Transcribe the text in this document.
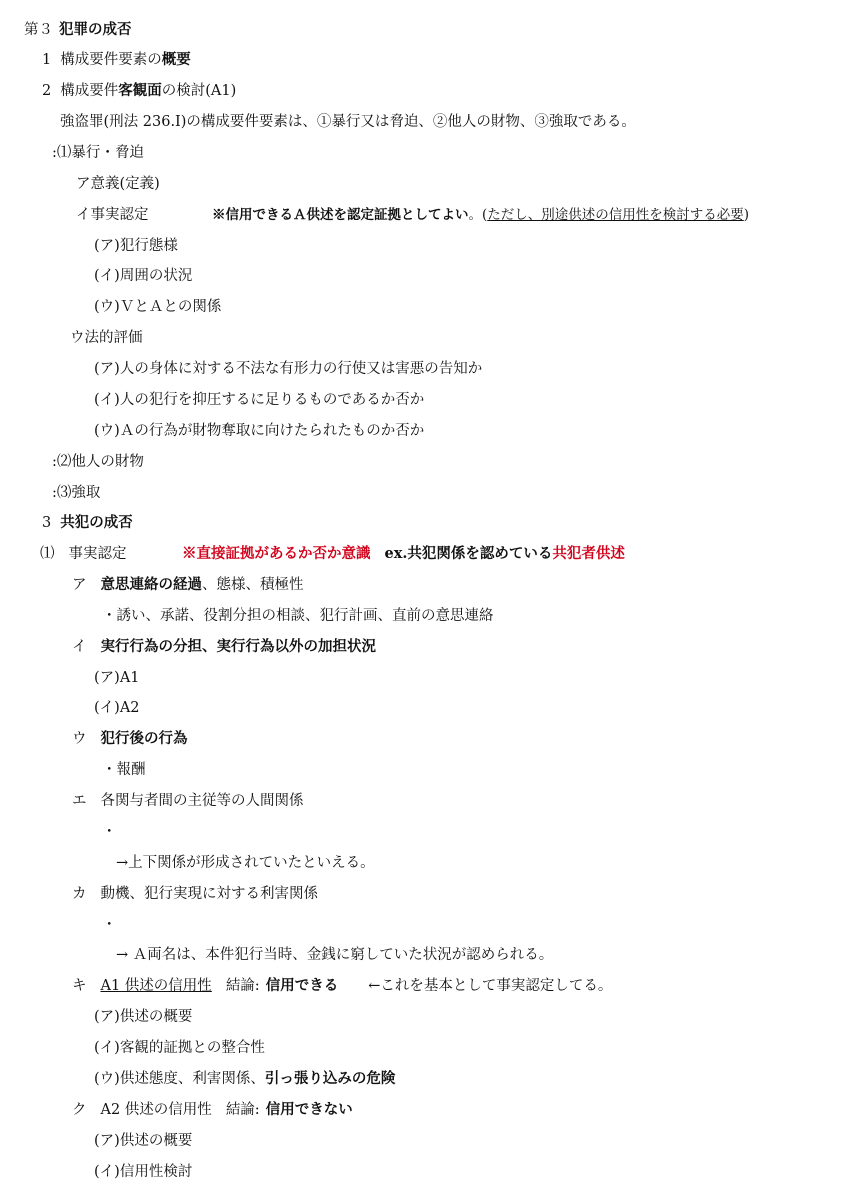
第３ 犯罪の成否
1 構成要件要素の概要
2 構成要件客観面の検討(A1)
強盗罪(刑法 236.Ⅰ)の構成要件要素は、①暴行又は脅迫、②他人の財物、③強取である。
:⑴暴行・脅迫
ア意義(定義)
イ事実認定	※信用できるＡ供述を認定証拠としてよい。(ただし、別途供述の信用性を検討する必要)
(ア)犯行態様
(イ)周囲の状況
(ウ)ＶとＡとの関係
ウ法的評価
(ア)人の身体に対する不法な有形力の行使又は害悪の告知か
(イ)人の犯行を抑圧するに足りるものであるか否か
(ウ)Ａの行為が財物奪取に向けたられたものか否か
:⑵他人の財物
:⑶強取
3 共犯の成否
⑴ 事実認定	※直接証拠があるか否か意識 ex.共犯関係を認めている共犯者供述
ア 意思連絡の経過、態様、積極性
・誘い、承諾、役割分担の相談、犯行計画、直前の意思連絡
イ 実行行為の分担、実行行為以外の加担状況
(ア)A1
(イ)A2
ウ 犯行後の行為
・報酬
エ 各関与者間の主従等の人間関係
・
→上下関係が形成されていたといえる。
カ 動機、犯行実現に対する利害関係
・
→ Ａ両名は、本件犯行当時、金銭に窮していた状況が認められる。
キ A1 供述の信用性 結論: 信用できる ←これを基本として事実認定してる。
(ア)供述の概要
(イ)客観的証拠との整合性
(ウ)供述態度、利害関係、引っ張り込みの危険
ク A2 供述の信用性 結論: 信用できない
(ア)供述の概要
(イ)信用性検討
